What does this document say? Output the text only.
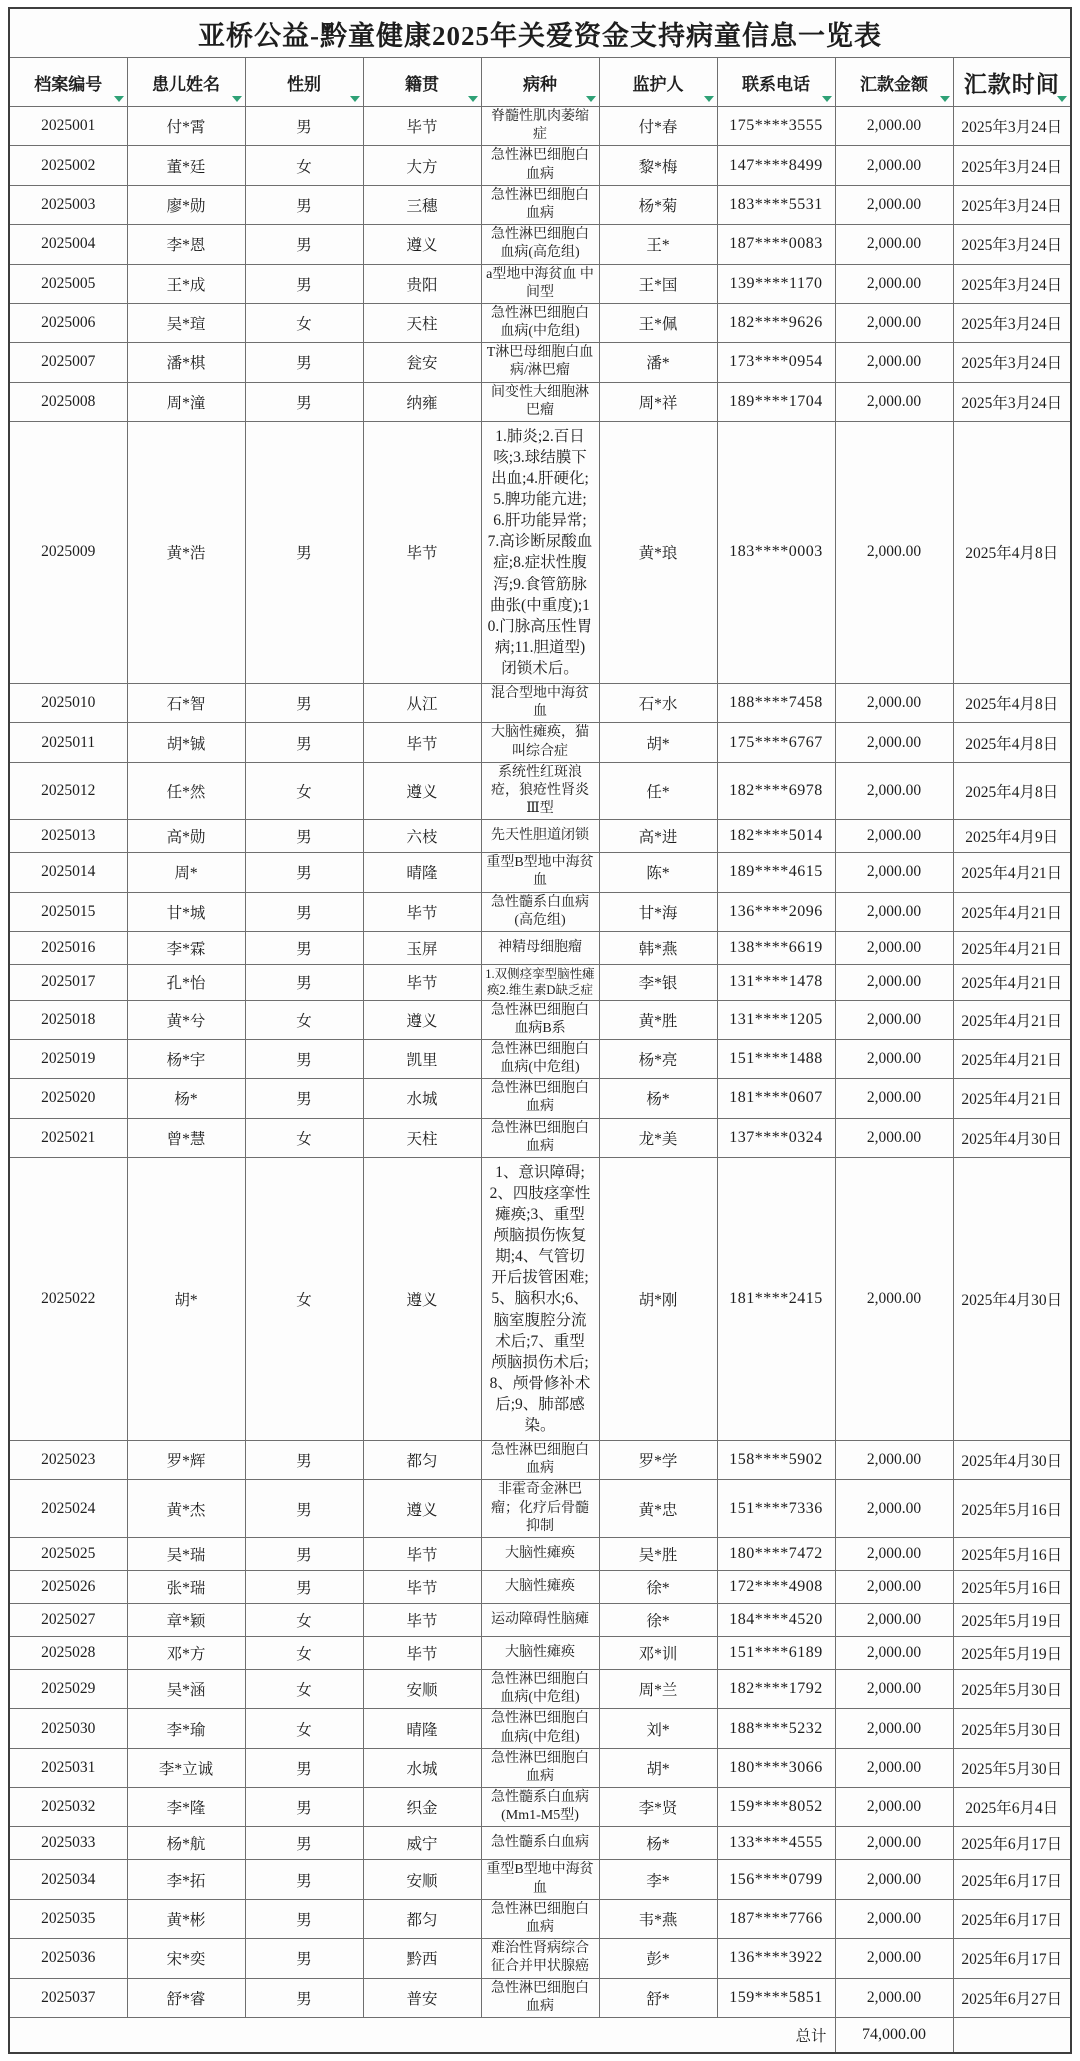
亚桥公益-黔童健康2025年关爱资金支持病童信息一览表								
档案编号	患儿姓名	性别	籍贯	病种	监护人	联系电话	汇款金额	汇款时间

2025001	付*霄	男	毕节	脊髓性肌肉萎缩症	付*春	175****3555	2,000.00	2025年3月24日
2025002	董*廷	女	大方	急性淋巴细胞白血病	黎*梅	147****8499	2,000.00	2025年3月24日
2025003	廖*勋	男	三穗	急性淋巴细胞白血病	杨*菊	183****5531	2,000.00	2025年3月24日
2025004	李*恩	男	遵义	急性淋巴细胞白血病(高危组)	王*	187****0083	2,000.00	2025年3月24日
2025005	王*成	男	贵阳	a型地中海贫血 中间型	王*国	139****1170	2,000.00	2025年3月24日
2025006	吴*瑄	女	天柱	急性淋巴细胞白血病(中危组)	王*佩	182****9626	2,000.00	2025年3月24日
2025007	潘*棋	男	瓮安	T淋巴母细胞白血病/淋巴瘤	潘*	173****0954	2,000.00	2025年3月24日
2025008	周*潼	男	纳雍	间变性大细胞淋巴瘤	周*祥	189****1704	2,000.00	2025年3月24日
2025009	黄*浩	男	毕节	1.肺炎;2.百日咳;3.球结膜下出血;4.肝硬化;5.脾功能亢进;6.肝功能异常;7.高诊断尿酸血症;8.症状性腹泻;9.食管筋脉曲张(中重度);10.门脉高压性胃病;11.胆道型)闭锁术后。	黄*琅	183****0003	2,000.00	2025年4月8日
2025010	石*智	男	从江	混合型地中海贫血	石*水	188****7458	2,000.00	2025年4月8日
2025011	胡*铖	男	毕节	大脑性瘫痪，猫叫综合症	胡*	175****6767	2,000.00	2025年4月8日
2025012	任*然	女	遵义	系统性红斑浪疮，狼疮性肾炎Ⅲ型	任*	182****6978	2,000.00	2025年4月8日
2025013	高*勋	男	六枝	先天性胆道闭锁	高*进	182****5014	2,000.00	2025年4月9日
2025014	周*	男	晴隆	重型B型地中海贫血	陈*	189****4615	2,000.00	2025年4月21日
2025015	甘*城	男	毕节	急性髓系白血病(高危组)	甘*海	136****2096	2,000.00	2025年4月21日
2025016	李*霖	男	玉屏	神精母细胞瘤	韩*燕	138****6619	2,000.00	2025年4月21日
2025017	孔*怡	男	毕节	1.双侧痉挛型脑性瘫痪2.维生素D缺乏症	李*银	131****1478	2,000.00	2025年4月21日
2025018	黄*兮	女	遵义	急性淋巴细胞白血病B系	黄*胜	131****1205	2,000.00	2025年4月21日
2025019	杨*宇	男	凯里	急性淋巴细胞白血病(中危组)	杨*亮	151****1488	2,000.00	2025年4月21日
2025020	杨*	男	水城	急性淋巴细胞白血病	杨*	181****0607	2,000.00	2025年4月21日
2025021	曾*慧	女	天柱	急性淋巴细胞白血病	龙*美	137****0324	2,000.00	2025年4月30日
2025022	胡*	女	遵义	1、意识障碍;2、四肢痉挛性瘫痪;3、重型颅脑损伤恢复期;4、气管切开后拔管困难;5、脑积水;6、脑室腹腔分流术后;7、重型颅脑损伤术后;8、颅骨修补术后;9、肺部感染。	胡*刚	181****2415	2,000.00	2025年4月30日
2025023	罗*辉	男	都匀	急性淋巴细胞白血病	罗*学	158****5902	2,000.00	2025年4月30日
2025024	黄*杰	男	遵义	非霍奇金淋巴瘤；化疗后骨髓抑制	黄*忠	151****7336	2,000.00	2025年5月16日
2025025	吴*瑞	男	毕节	大脑性瘫痪	吴*胜	180****7472	2,000.00	2025年5月16日
2025026	张*瑞	男	毕节	大脑性瘫痪	徐*	172****4908	2,000.00	2025年5月16日
2025027	章*颖	女	毕节	运动障碍性脑瘫	徐*	184****4520	2,000.00	2025年5月19日
2025028	邓*方	女	毕节	大脑性瘫痪	邓*训	151****6189	2,000.00	2025年5月19日
2025029	吴*涵	女	安顺	急性淋巴细胞白血病(中危组)	周*兰	182****1792	2,000.00	2025年5月30日
2025030	李*瑜	女	晴隆	急性淋巴细胞白血病(中危组)	刘*	188****5232	2,000.00	2025年5月30日
2025031	李*立诚	男	水城	急性淋巴细胞白血病	胡*	180****3066	2,000.00	2025年5月30日
2025032	李*隆	男	织金	急性髓系白血病(Mm1-M5型)	李*贤	159****8052	2,000.00	2025年6月4日
2025033	杨*航	男	威宁	急性髓系白血病	杨*	133****4555	2,000.00	2025年6月17日
2025034	李*拓	男	安顺	重型B型地中海贫血	李*	156****0799	2,000.00	2025年6月17日
2025035	黄*彬	男	都匀	急性淋巴细胞白血病	韦*燕	187****7766	2,000.00	2025年6月17日
2025036	宋*奕	男	黔西	难治性肾病综合征合并甲状腺癌	彭*	136****3922	2,000.00	2025年6月17日
2025037	舒*睿	男	普安	急性淋巴细胞白血病	舒*	159****5851	2,000.00	2025年6月27日
总计							74,000.00	
